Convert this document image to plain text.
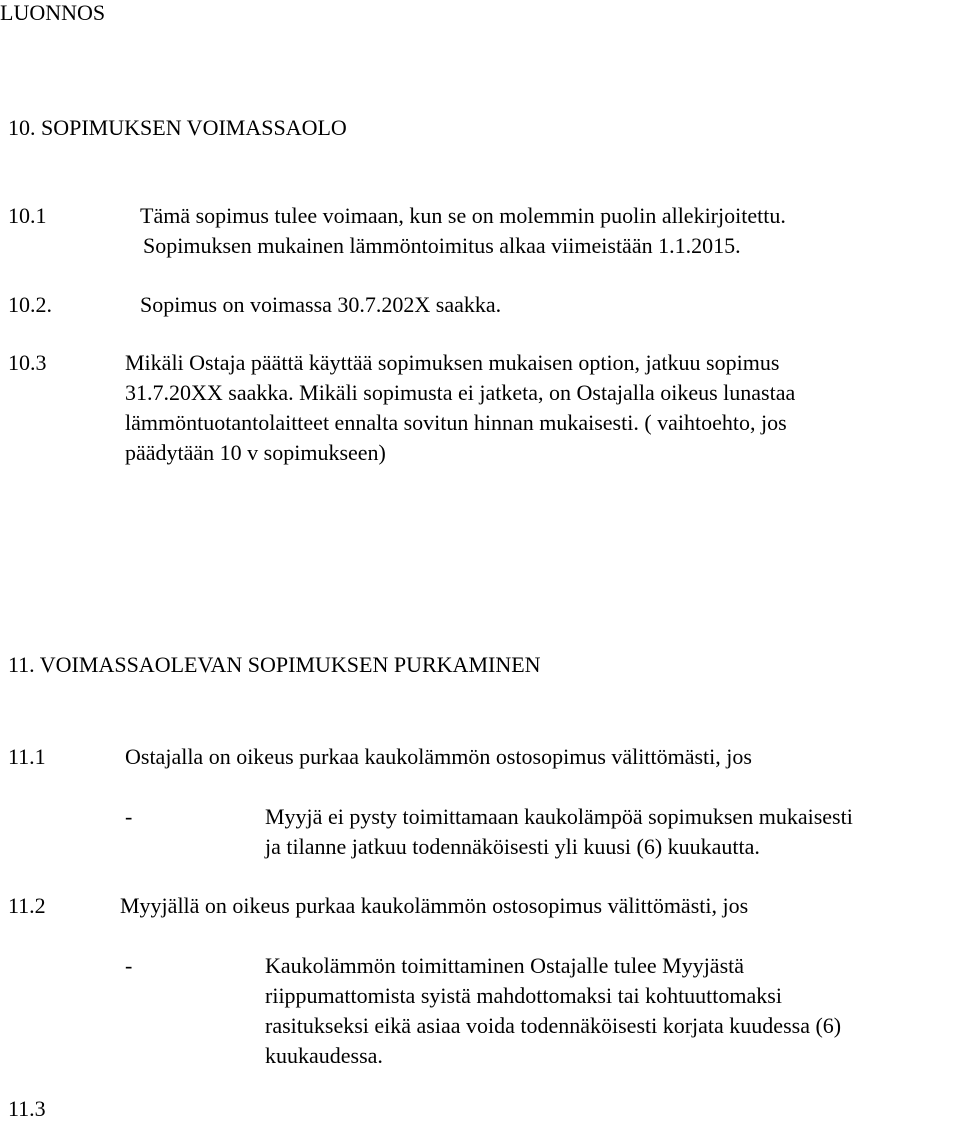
LUONNOS

10. SOPIMUKSEN VOIMASSAOLO

10.1	Tämä sopimus tulee voimaan, kun se on molemmin puolin allekirjoitettu.
Sopimuksen mukainen lämmöntoimitus alkaa viimeistään 1.1.2015.

10.2.	Sopimus on voimassa 30.7.202X saakka.

10.3	Mikäli Ostaja päättä käyttää sopimuksen mukaisen option, jatkuu sopimus
31.7.20XX saakka. Mikäli sopimusta ei jatketa, on Ostajalla oikeus lunastaa
lämmöntuotantolaitteet ennalta sovitun hinnan mukaisesti. ( vaihtoehto, jos
päädytään 10 v sopimukseen)

11. VOIMASSAOLEVAN SOPIMUKSEN PURKAMINEN

11.1	Ostajalla on oikeus purkaa kaukolämmön ostosopimus välittömästi, jos

-	Myyjä ei pysty toimittamaan kaukolämpöä sopimuksen mukaisesti
ja tilanne jatkuu todennäköisesti yli kuusi (6) kuukautta.

11.2	Myyjällä on oikeus purkaa kaukolämmön ostosopimus välittömästi, jos

-	Kaukolämmön toimittaminen Ostajalle tulee Myyjästä
riippumattomista syistä mahdottomaksi tai kohtuuttomaksi
rasitukseksi eikä asiaa voida todennäköisesti korjata kuudessa (6)
kuukaudessa.

11.3
